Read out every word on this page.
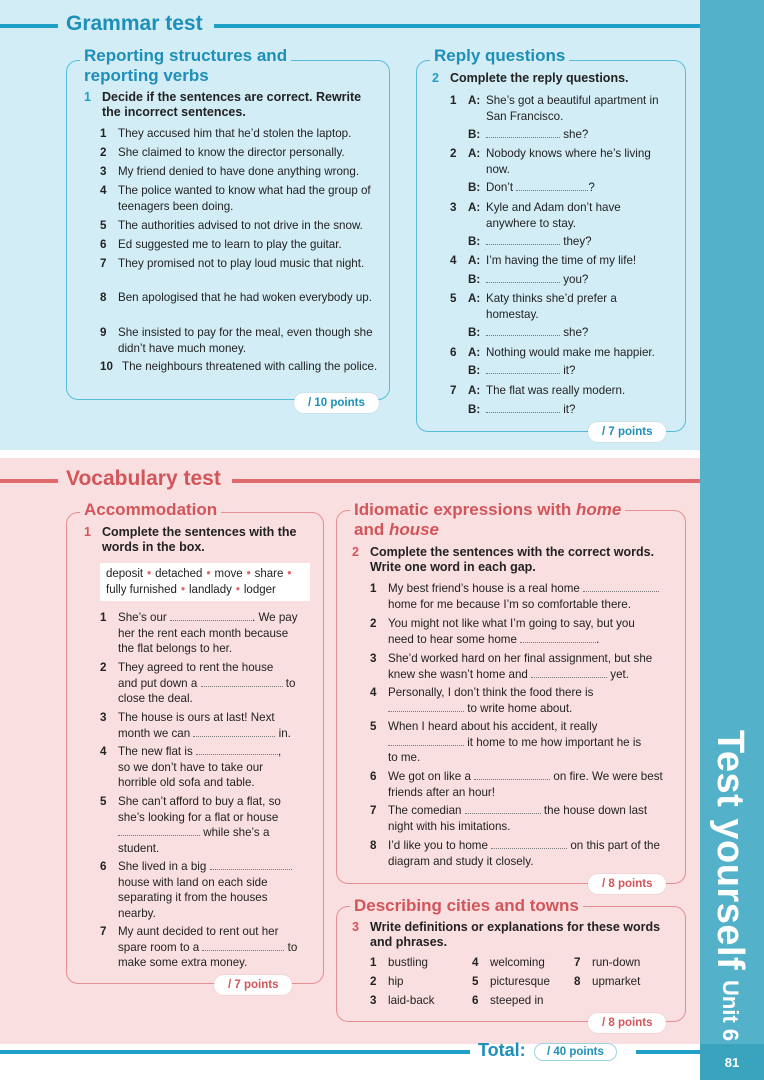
Test yourselfUnit 6
81
Grammar test
Reporting structures and
reporting verbs
1 Decide if the sentences are correct. Rewrite the incorrect sentences.
1 They accused him that he’d stolen the laptop.
2 She claimed to know the director personally.
3 My friend denied to have done anything wrong.
4 The police wanted to know what had the group of teenagers been doing.
5 The authorities advised to not drive in the snow.
6 Ed suggested me to learn to play the guitar.
7 They promised not to play loud music that night.
8 Ben apologised that he had woken everybody up.
9 She insisted to pay for the meal, even though she didn’t have much money.
10 The neighbours threatened with calling the police.
/ 10 points
Reply questions
2 Complete the reply questions.
1 A: She’s got a beautiful apartment in San Francisco.
B:	she?
2 A: Nobody knows where he’s living now.
B: Don’t	?
3 A: Kyle and Adam don’t have anywhere to stay.
B:	they?
4 A: I’m having the time of my life!
B:	you?
5 A: Katy thinks she’d prefer a homestay.
B:	she?
6 A: Nothing would make me happier.
B:	it?
7 A: The flat was really modern.
B:	it?
/ 7 points
Vocabulary test
Accommodation
1 Complete the sentences with the words in the box.
deposit • detached • move • share •
fully furnished • landlady • lodger
1 She’s our	. We pay
her the rent each month because
the flat belongs to her.
2 They agreed to rent the house
and put down a	to
close the deal.
3 The house is ours at last! Next
month we can	in.
4 The new flat is	,
so we don’t have to take our
horrible old sofa and table.
5 She can’t afford to buy a flat, so
she’s looking for a flat or house
while she’s a
student.
6 She lived in a big
house with land on each side
separating it from the houses
nearby.
7 My aunt decided to rent out her
spare room to a	to
make some extra money.
/ 7 points
Idiomatic expressions with home
and house
2 Complete the sentences with the correct words. Write one word in each gap.
1 My best friend’s house is a real home
home for me because I’m so comfortable there.
2 You might not like what I’m going to say, but you
need to hear some home	.
3 She’d worked hard on her final assignment, but she
knew she wasn’t home and	yet.
4 Personally, I don’t think the food there is
to write home about.
5 When I heard about his accident, it really
it home to me how important he is
to me.
6 We got on like a	on fire. We were best
friends after an hour!
7 The comedian	the house down last
night with his imitations.
8 I’d like you to home	on this part of the
diagram and study it closely.
/ 8 points
Describing cities and towns
3 Write definitions or explanations for these words and phrases.
1 bustling
2 hip
3 laid-back
4 welcoming
5 picturesque
6 steeped in
7 run-down
8 upmarket
/ 8 points
Total:	/ 40 points
